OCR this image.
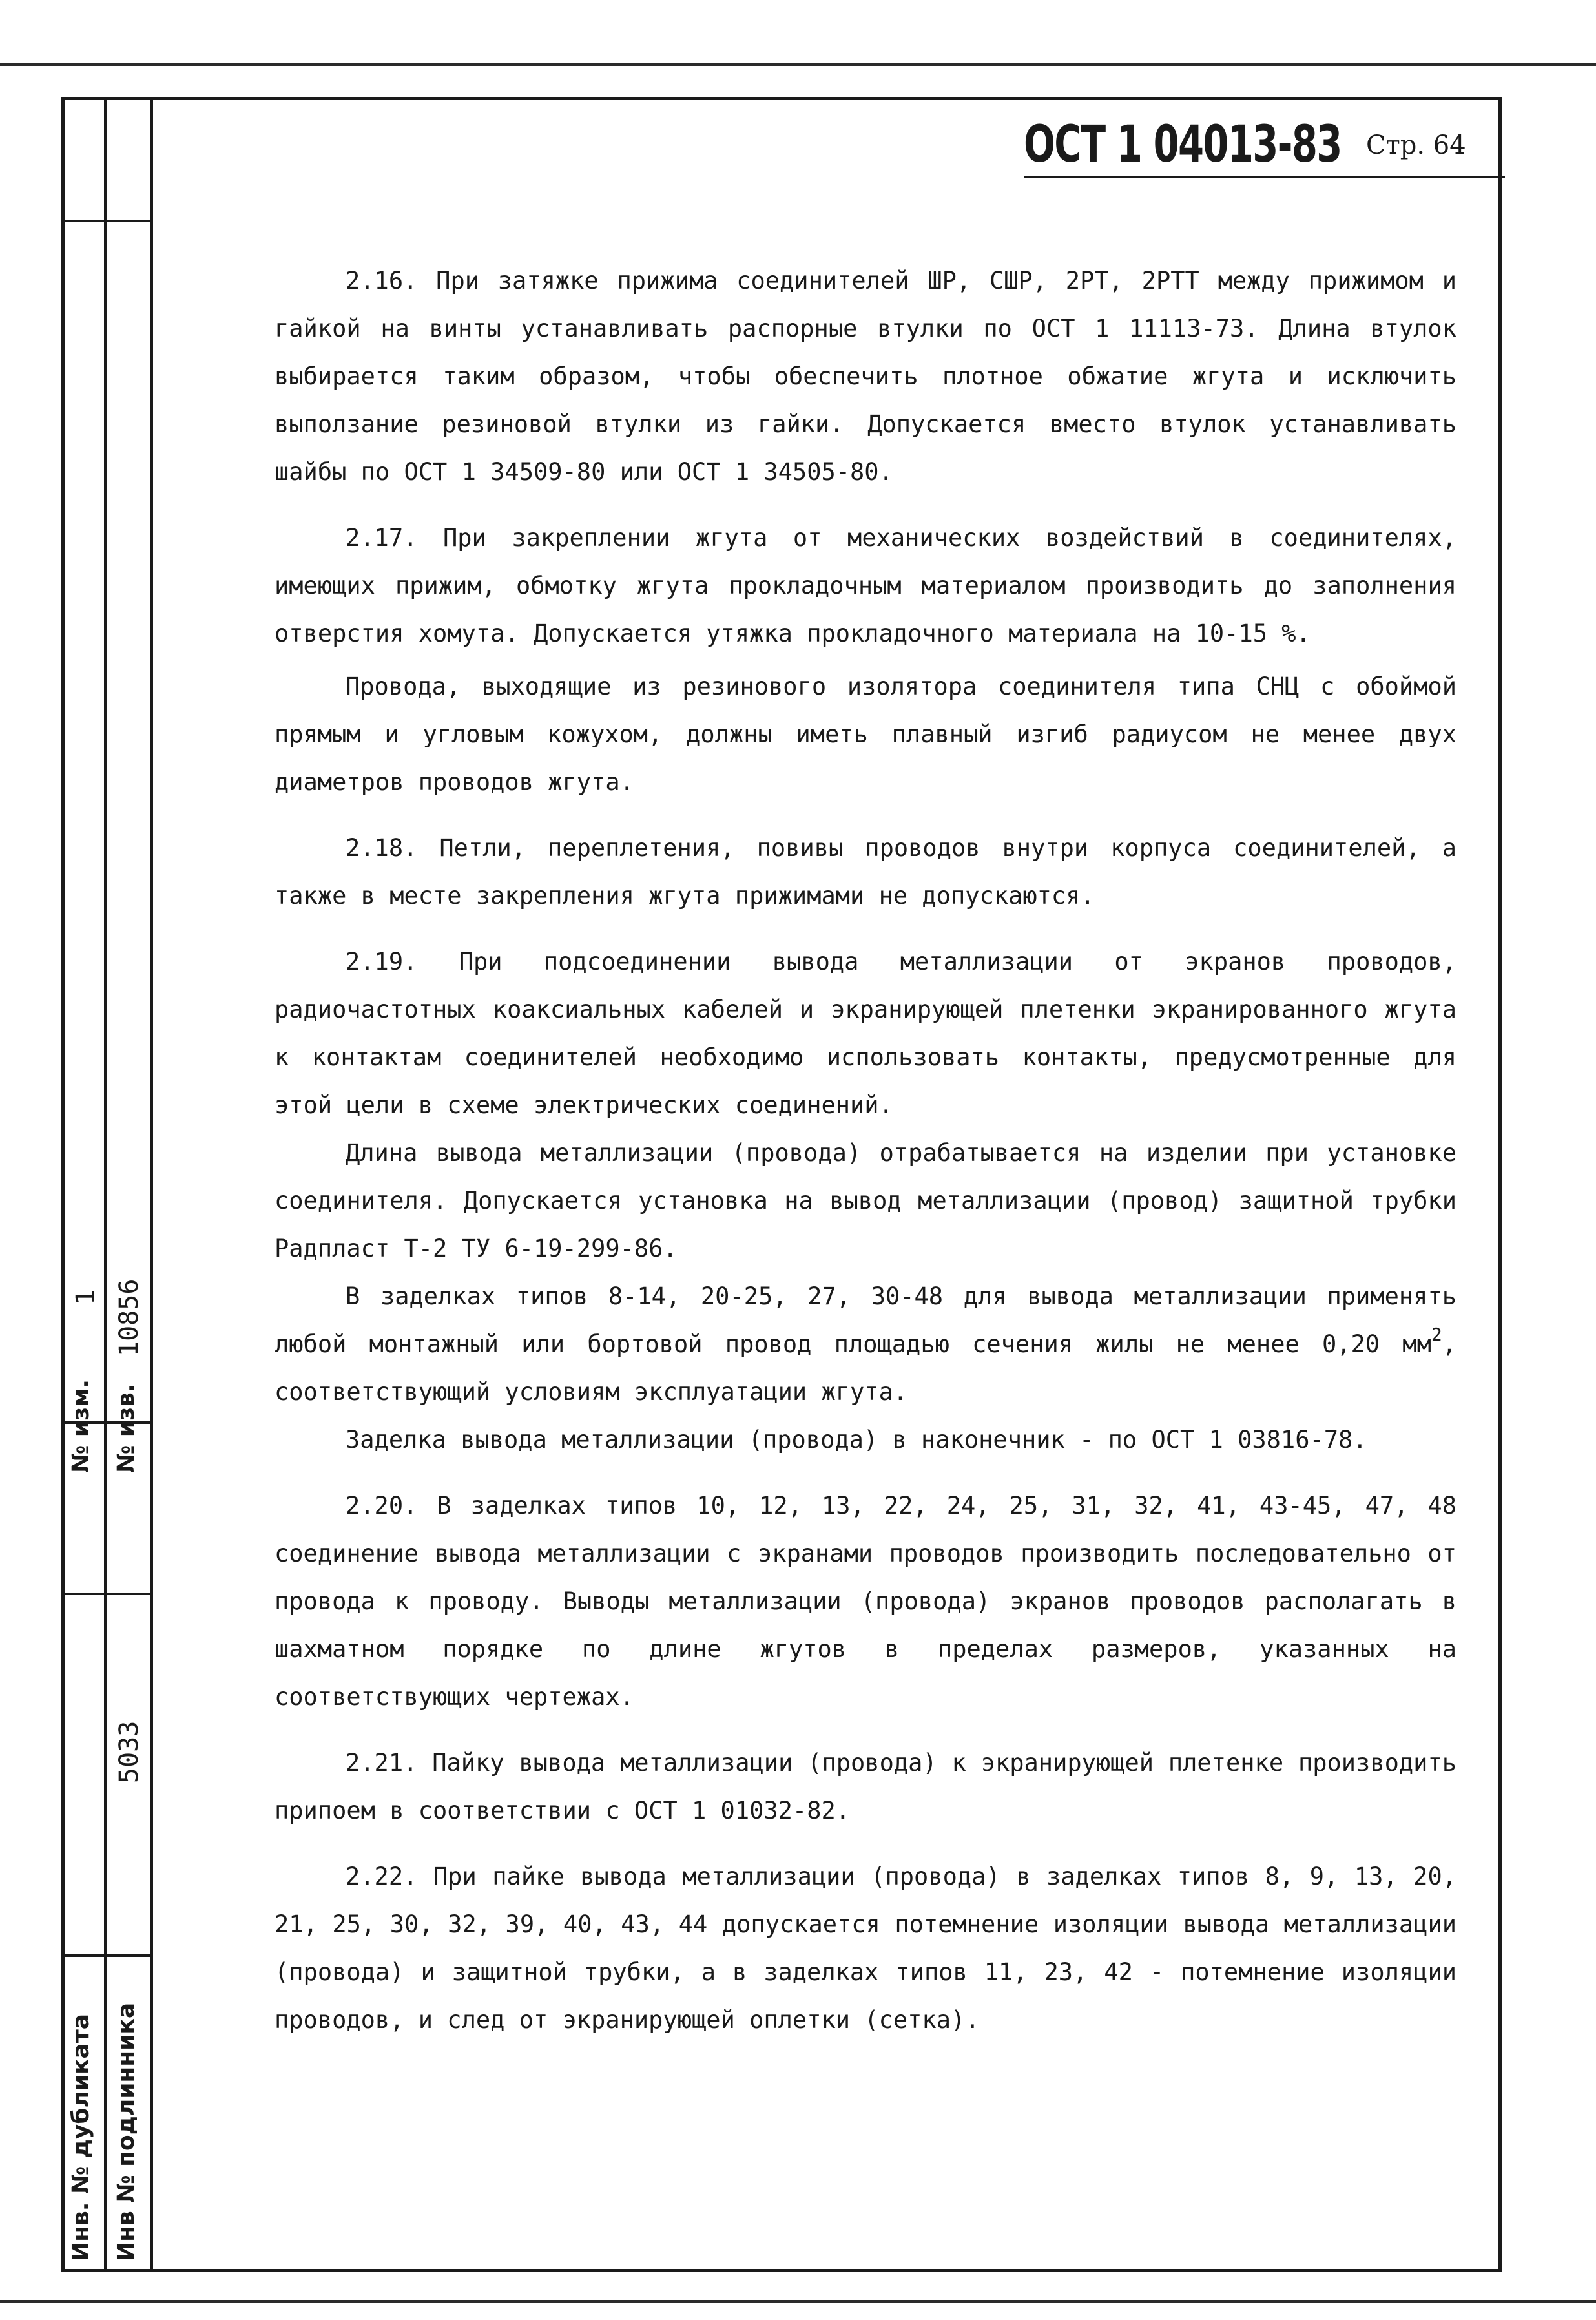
№ изм.
1
№ изв.
10856
5033
Инв. № дубликата Инв № подлинника
ОСТ 1 04013-83 Стр. 64

2.16. При затяжке прижима соединителей ШР, СШР, 2РТ, 2РТТ между прижимом и гайкой на винты устанавливать распорные втулки по ОСТ 1 11113-73. Длина втулок выбирается таким образом, чтобы обеспечить плотное обжатие жгута и исключить выползание резиновой втулки из гайки. Допускается вместо втулок устанавливать шайбы по ОСТ 1 34509-80 или ОСТ 1 34505-80.

2.17. При закреплении жгута от механических воздействий в соединителях, имеющих прижим, обмотку жгута прокладочным материалом производить до заполнения отверстия хомута. Допускается утяжка прокладочного материала на 10-15 %.

Провода, выходящие из резинового изолятора соединителя типа СНЦ с обоймой прямым и угловым кожухом, должны иметь плавный изгиб радиусом не менее двух диаметров проводов жгута.

2.18. Петли, переплетения, повивы проводов внутри корпуса соединителей, а также в месте закрепления жгута прижимами не допускаются.

2.19. При подсоединении вывода металлизации от экранов проводов, радиочастотных коаксиальных кабелей и экранирующей плетенки экранированного жгута к контактам соединителей необходимо использовать контакты, предусмотренные для этой цели в схеме электрических соединений.

Длина вывода металлизации (провода) отрабатывается на изделии при установке соединителя. Допускается установка на вывод металлизации (провод) защитной трубки Радпласт Т-2 ТУ 6-19-299-86.

В заделках типов 8-14, 20-25, 27, 30-48 для вывода металлизации применять любой монтажный или бортовой провод площадью сечения жилы не менее 0,20 $мм^2$, соответствующий условиям эксплуатации жгута.

Заделка вывода металлизации (провода) в наконечник - по ОСТ 1 03816-78.

2.20. В заделках типов 10, 12, 13, 22, 24, 25, 31, 32, 41, 43-45, 47, 48 соединение вывода металлизации с экранами проводов производить последовательно от провода к проводу. Выводы металлизации (провода) экранов проводов располагать в шахматном порядке по длине жгутов в пределах размеров, указанных на соответствующих чертежах.

2.21. Пайку вывода металлизации (провода) к экранирующей плетенке производить припоем в соответствии с ОСТ 1 01032-82.

2.22. При пайке вывода металлизации (провода) в заделках типов 8, 9, 13, 20, 21, 25, 30, 32, 39, 40, 43, 44 допускается потемнение изоляции вывода металлизации (провода) и защитной трубки, а в заделках типов 11, 23, 42 - потемнение изоляции проводов, и след от экранирующей оплетки (сетка).
